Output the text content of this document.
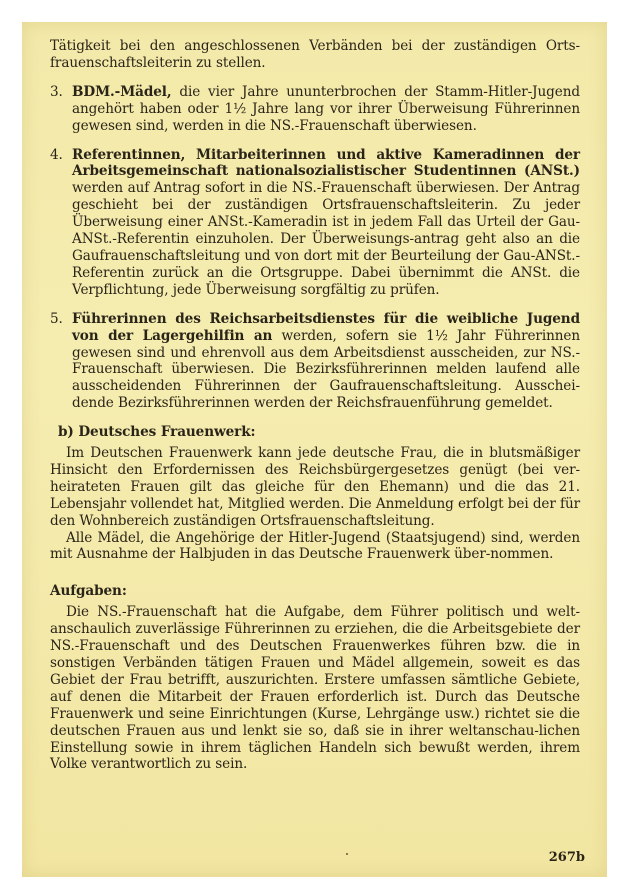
Tätigkeit bei den angeschlossenen Verbänden bei der zuständigen Orts-frauenschaftsleiterin zu stellen.

3. BDM.-Mädel, die vier Jahre ununterbrochen der Stamm-Hitler-Jugend angehört haben oder 1½ Jahre lang vor ihrer Überweisung Führerinnen gewesen sind, werden in die NS.-Frauenschaft überwiesen.

4. Referentinnen, Mitarbeiterinnen und aktive Kameradinnen der Arbeitsgemeinschaft nationalsozialistischer Studentinnen (ANSt.) werden auf Antrag sofort in die NS.-Frauenschaft überwiesen. Der Antrag geschieht bei der zuständigen Ortsfrauenschaftsleiterin. Zu jeder Überweisung einer ANSt.-Kameradin ist in jedem Fall das Urteil der Gau-ANSt.-Referentin einzuholen. Der Überweisungs-antrag geht also an die Gaufrauenschaftsleitung und von dort mit der Beurteilung der Gau-ANSt.-Referentin zurück an die Ortsgruppe. Dabei übernimmt die ANSt. die Verpflichtung, jede Überweisung sorgfältig zu prüfen.

5. Führerinnen des Reichsarbeitsdienstes für die weibliche Jugend von der Lagergehilfin an werden, sofern sie 1½ Jahr Führerinnen gewesen sind und ehrenvoll aus dem Arbeitsdienst ausscheiden, zur NS.-Frauenschaft überwiesen. Die Bezirksführerinnen melden laufend alle ausscheidenden Führerinnen der Gaufrauenschaftsleitung. Ausschei-dende Bezirksführerinnen werden der Reichsfrauenführung gemeldet.

b) Deutsches Frauenwerk:

Im Deutschen Frauenwerk kann jede deutsche Frau, die in blutsmäßiger Hinsicht den Erfordernissen des Reichsbürgergesetzes genügt (bei ver-heirateten Frauen gilt das gleiche für den Ehemann) und die das 21. Lebensjahr vollendet hat, Mitglied werden. Die Anmeldung erfolgt bei der für den Wohnbereich zuständigen Ortsfrauenschaftsleitung.

Alle Mädel, die Angehörige der Hitler-Jugend (Staatsjugend) sind, werden mit Ausnahme der Halbjuden in das Deutsche Frauenwerk über-nommen.

Aufgaben:

Die NS.-Frauenschaft hat die Aufgabe, dem Führer politisch und welt-anschaulich zuverlässige Führerinnen zu erziehen, die die Arbeitsgebiete der NS.-Frauenschaft und des Deutschen Frauenwerkes führen bzw. die in sonstigen Verbänden tätigen Frauen und Mädel allgemein, soweit es das Gebiet der Frau betrifft, auszurichten. Erstere umfassen sämtliche Gebiete, auf denen die Mitarbeit der Frauen erforderlich ist. Durch das Deutsche Frauenwerk und seine Einrichtungen (Kurse, Lehrgänge usw.) richtet sie die deutschen Frauen aus und lenkt sie so, daß sie in ihrer weltanschau-lichen Einstellung sowie in ihrem täglichen Handeln sich bewußt werden, ihrem Volke verantwortlich zu sein.

267b
